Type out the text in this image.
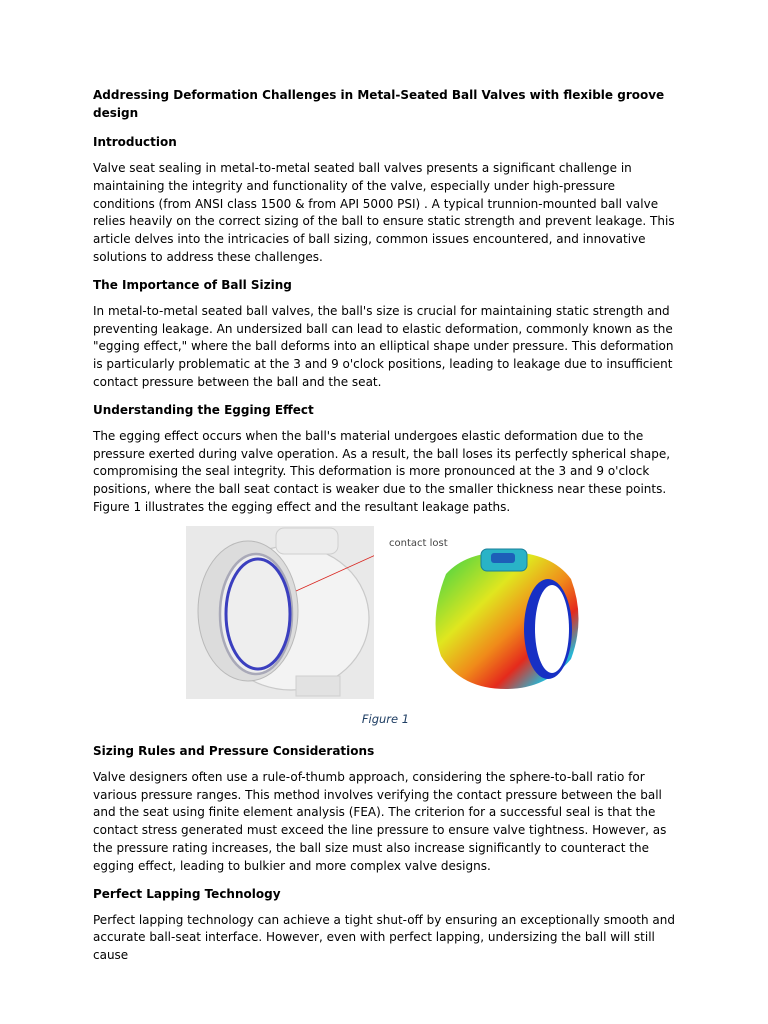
Addressing Deformation Challenges in Metal-Seated Ball Valves with flexible groove design

Introduction

Valve seat sealing in metal-to-metal seated ball valves presents a significant challenge in maintaining the integrity and functionality of the valve, especially under high-pressure conditions (from ANSI class 1500 & from API 5000 PSI) . A typical trunnion-mounted ball valve relies heavily on the correct sizing of the ball to ensure static strength and prevent leakage. This article delves into the intricacies of ball sizing, common issues encountered, and innovative solutions to address these challenges.

The Importance of Ball Sizing

In metal-to-metal seated ball valves, the ball's size is crucial for maintaining static strength and preventing leakage. An undersized ball can lead to elastic deformation, commonly known as the "egging effect," where the ball deforms into an elliptical shape under pressure. This deformation is particularly problematic at the 3 and 9 o'clock positions, leading to leakage due to insufficient contact pressure between the ball and the seat.

Understanding the Egging Effect

The egging effect occurs when the ball's material undergoes elastic deformation due to the pressure exerted during valve operation. As a result, the ball loses its perfectly spherical shape, compromising the seal integrity. This deformation is more pronounced at the 3 and 9 o'clock positions, where the ball seat contact is weaker due to the smaller thickness near these points. Figure 1 illustrates the egging effect and the resultant leakage paths.

contact lost

Figure 1

Sizing Rules and Pressure Considerations

Valve designers often use a rule-of-thumb approach, considering the sphere-to-ball ratio for various pressure ranges. This method involves verifying the contact pressure between the ball and the seat using finite element analysis (FEA). The criterion for a successful seal is that the contact stress generated must exceed the line pressure to ensure valve tightness. However, as the pressure rating increases, the ball size must also increase significantly to counteract the egging effect, leading to bulkier and more complex valve designs.

Perfect Lapping Technology

Perfect lapping technology can achieve a tight shut-off by ensuring an exceptionally smooth and accurate ball-seat interface. However, even with perfect lapping, undersizing the ball will still cause
